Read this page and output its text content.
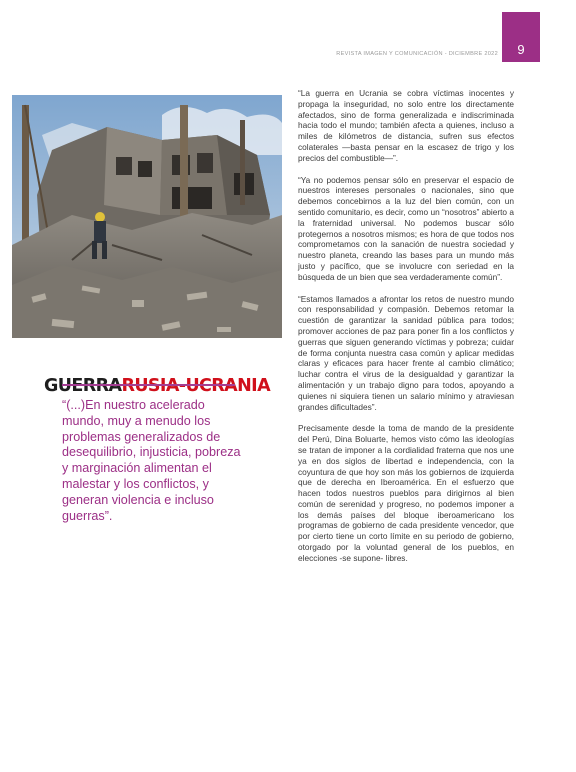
9
REVISTA IMAGEN Y COMUNICACIÓN - DICIEMBRE 2022
GUERRA RUSIA-UCRANIA
“(...)En nuestro acelerado mundo, muy a menudo los problemas generalizados de desequilibrio, injusticia, pobreza y marginación alimentan el malestar y los conflictos, y generan violencia e incluso guerras”.

“La guerra en Ucrania se cobra víctimas inocentes y propaga la inseguridad, no solo entre los directamente afectados, sino de forma generalizada e indiscriminada hacia todo el mundo; también afecta a quienes, incluso a miles de kilómetros de distancia, sufren sus efectos colaterales —basta pensar en la escasez de trigo y los precios del combustible—”.

“Ya no podemos pensar sólo en preservar el espacio de nuestros intereses personales o nacionales, sino que debemos concebirnos a la luz del bien común, con un sentido comunitario, es decir, como un “nosotros” abierto a la fraternidad universal. No podemos buscar sólo protegernos a nosotros mismos; es hora de que todos nos comprometamos con la sanación de nuestra sociedad y nuestro planeta, creando las bases para un mundo más justo y pacífico, que se involucre con seriedad en la búsqueda de un bien que sea verdaderamente común”.

“Estamos llamados a afrontar los retos de nuestro mundo con responsabilidad y compasión. Debemos retomar la cuestión de garantizar la sanidad pública para todos; promover acciones de paz para poner fin a los conflictos y guerras que siguen generando víctimas y pobreza; cuidar de forma conjunta nuestra casa común y aplicar medidas claras y eficaces para hacer frente al cambio climático; luchar contra el virus de la desigualdad y garantizar la alimentación y un trabajo digno para todos, apoyando a quienes ni siquiera tienen un salario mínimo y atraviesan grandes dificultades”.

Precisamente desde la toma de mando de la presidente del Perú, Dina Boluarte, hemos visto cómo las ideologías se tratan de imponer a la cordialidad fraterna que nos une ya en dos siglos de libertad e independencia, con la coyuntura de que hoy son más los gobiernos de izquierda que de derecha en Iberoamérica. En el esfuerzo que hacen todos nuestros pueblos para dirigirnos al bien común de serenidad y progreso, no podemos imponer a los demás países del bloque iberoamericano los programas de gobierno de cada presidente vencedor, que por cierto tiene un corto límite en su periodo de gobierno, otorgado por la voluntad general de los pueblos, en elecciones -se supone- libres.
